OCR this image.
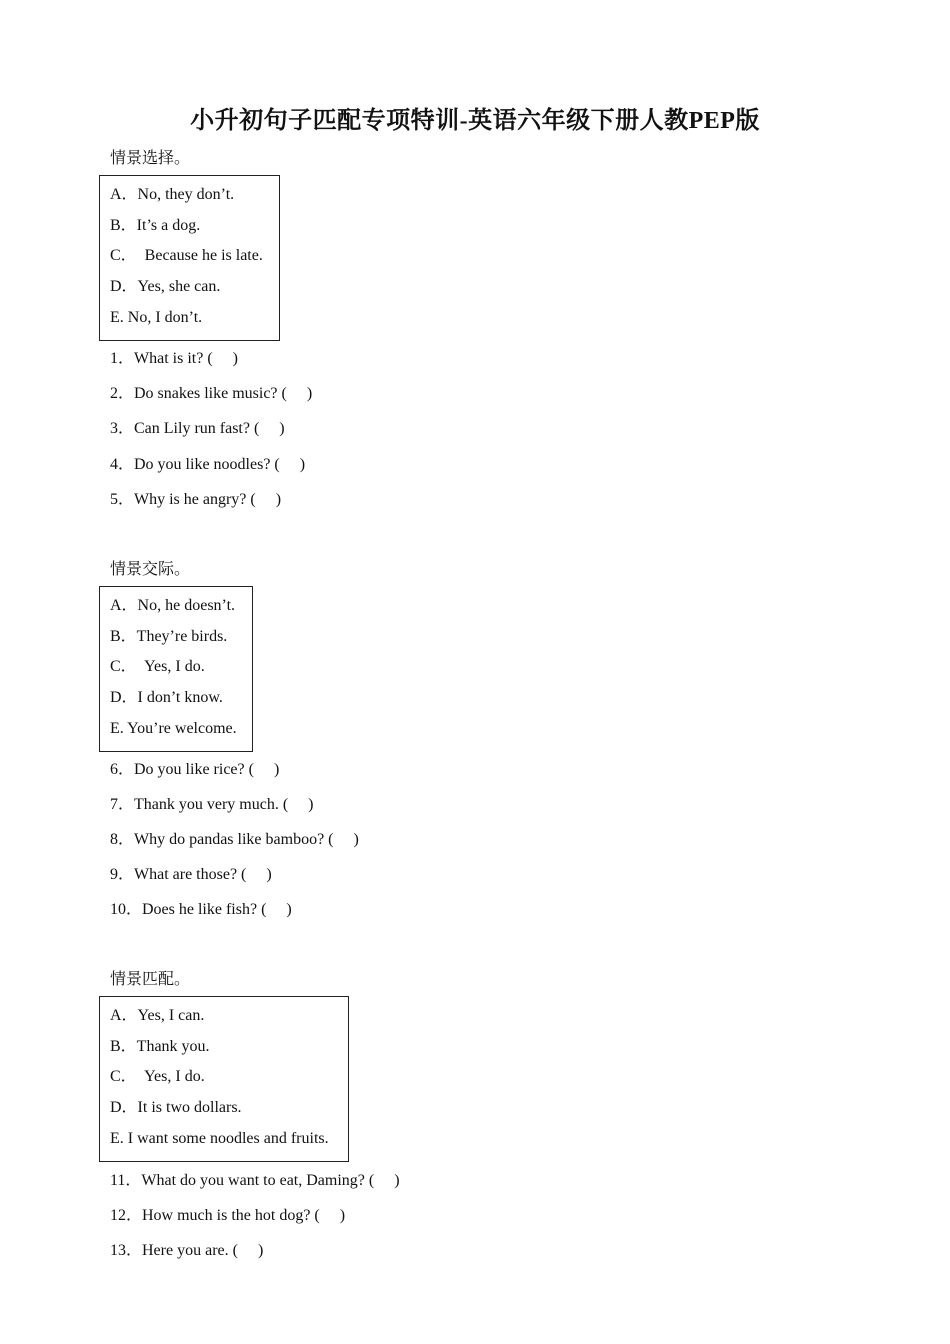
小升初句子匹配专项特训-英语六年级下册人教PEP版
情景选择。
A．No, they don’t.
B．It’s a dog.
C．  Because he is late.
D．Yes, she can.
E. No, I don’t.
1．What is it? (     )
2．Do snakes like music? (     )
3．Can Lily run fast? (     )
4．Do you like noodles? (     )
5．Why is he angry? (     )
情景交际。
A．No, he doesn’t.
B．They’re birds.
C．  Yes, I do.
D．I don’t know.
E. You’re welcome.
6．Do you like rice? (     )
7．Thank you very much. (     )
8．Why do pandas like bamboo? (     )
9．What are those? (     )
10．Does he like fish? (     )
情景匹配。
A．Yes, I can.
B．Thank you.
C．  Yes, I do.
D．It is two dollars.
E. I want some noodles and fruits.
11．What do you want to eat, Daming? (     )
12．How much is the hot dog? (     )
13．Here you are. (     )
